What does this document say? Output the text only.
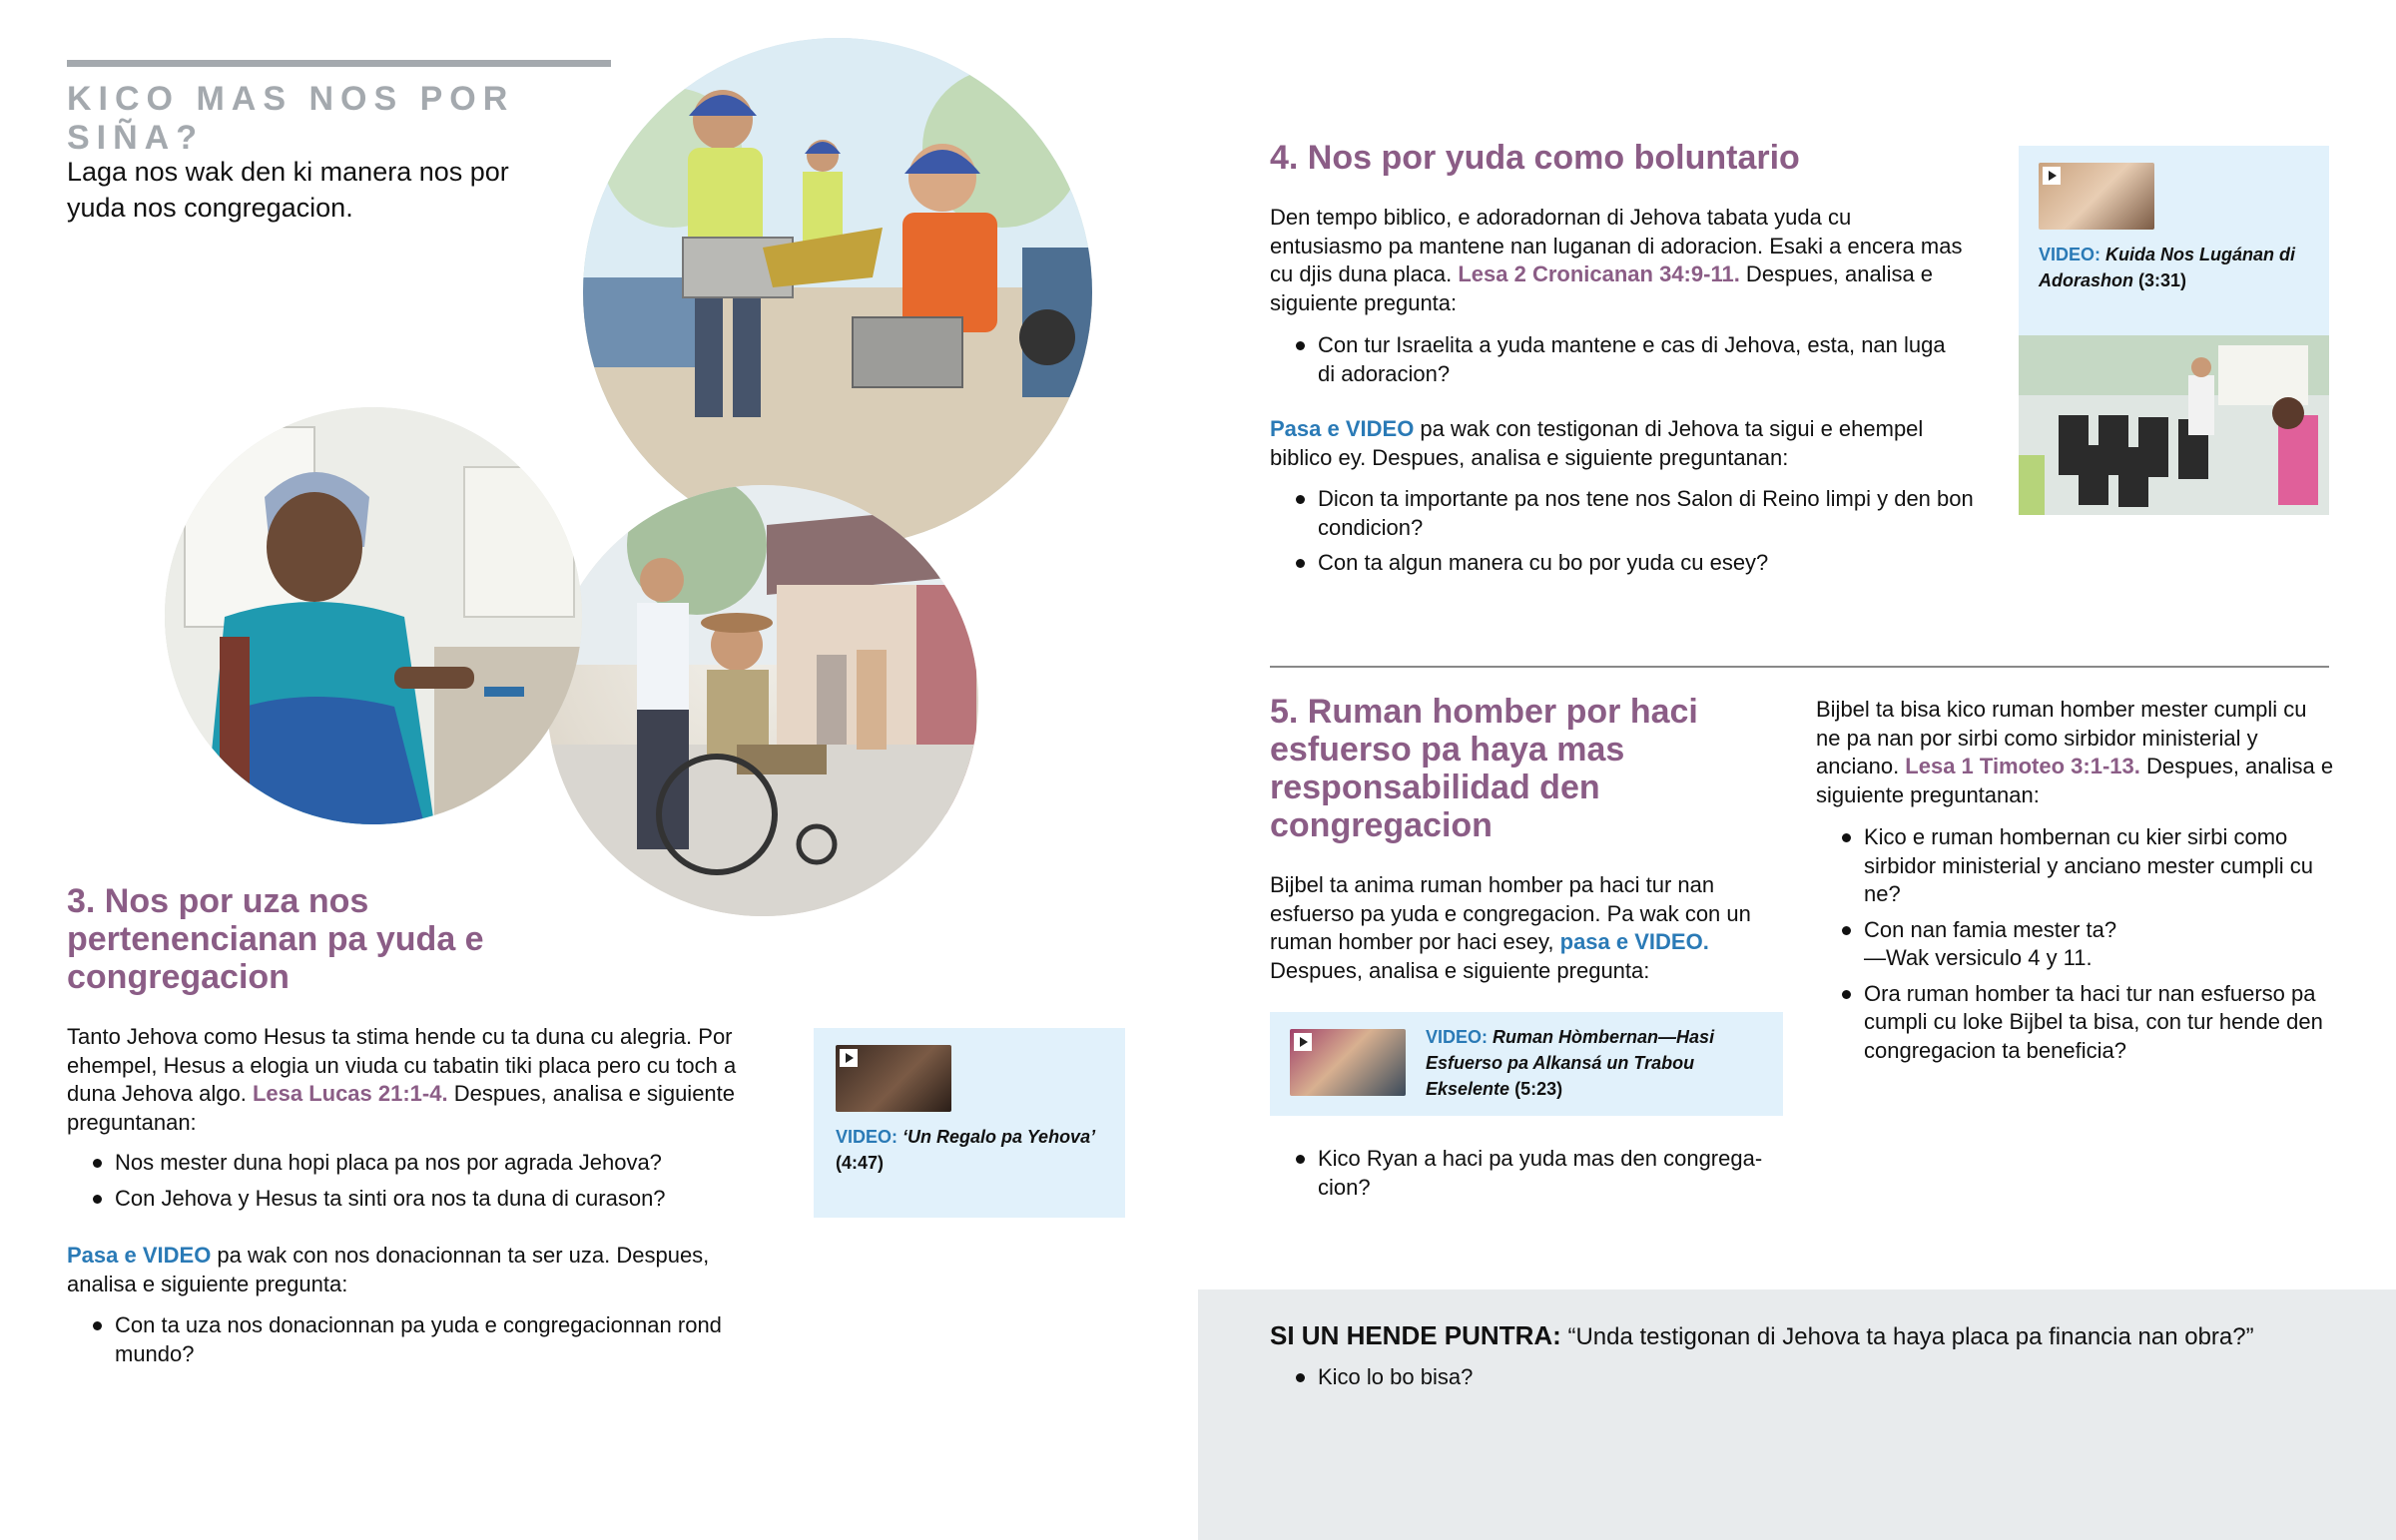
KICO MAS NOS POR SIÑA?
Laga nos wak den ki manera nos por yuda nos congregacion.
3. Nos por uza nos pertenencianan pa yuda e congregacion
Tanto Jehova como Hesus ta stima hende cu ta duna cu alegria. Por ehempel, Hesus a elogia un viuda cu tabatin tiki placa pero cu toch a duna Jehova algo. Lesa Lucas 21:1-4. Despues, analisa e siguiente preguntanan:
Nos mester duna hopi placa pa nos por agrada Jehova?
Con Jehova y Hesus ta sinti ora nos ta duna di curason?
Pasa e VIDEO pa wak con nos donacionnan ta ser uza. Despues, analisa e siguiente pregunta:
Con ta uza nos donacionnan pa yuda e congregacionnan rond mundo?
VIDEO: ‘Un Regalo pa Yehova’
(4:47)
4. Nos por yuda como boluntario
Den tempo biblico, e adoradornan di Jehova tabata yuda cu entusiasmo pa mantene nan luganan di adoracion. Esaki a encera mas cu djis duna placa. Lesa 2 Cronicanan 34:9-11. Despues, analisa e siguiente pregunta:
Con tur Israelita a yuda mantene e cas di Jehova, esta, nan luga di adoracion?
Pasa e VIDEO pa wak con testigonan di Jehova ta sigui e ehempel biblico ey. Despues, analisa e siguiente preguntanan:
Dicon ta importante pa nos tene nos Salon di Reino limpi y den bon condicion?
Con ta algun manera cu bo por yuda cu esey?
VIDEO: Kuida Nos Lugánan di Adorashon (3:31)
5. Ruman homber por haci esfuerso pa haya mas responsabilidad den congregacion
Bijbel ta anima ruman homber pa haci tur nan esfuerso pa yuda e congregacion. Pa wak con un ruman homber por haci esey, pasa e VIDEO. Despues, analisa e siguiente pregunta:
VIDEO: Ruman Hòmbernan—Hasi Esfuerso pa Alkansá un Trabou Ekselente (5:23)
Kico Ryan a haci pa yuda mas den congrega-cion?
Bijbel ta bisa kico ruman homber mester cumpli cu ne pa nan por sirbi como sirbidor ministerial y anciano. Lesa 1 Timoteo 3:1-13. Despues, analisa e siguiente preguntanan:
Kico e ruman hombernan cu kier sirbi como sirbidor ministerial y anciano mester cumpli cu ne?
Con nan famia mester ta?
—Wak versiculo 4 y 11.
Ora ruman homber ta haci tur nan esfuerso pa cumpli cu loke Bijbel ta bisa, con tur hende den congregacion ta beneficia?
SI UN HENDE PUNTRA: “Unda testigonan di Jehova ta haya placa pa financia nan obra?”
Kico lo bo bisa?
